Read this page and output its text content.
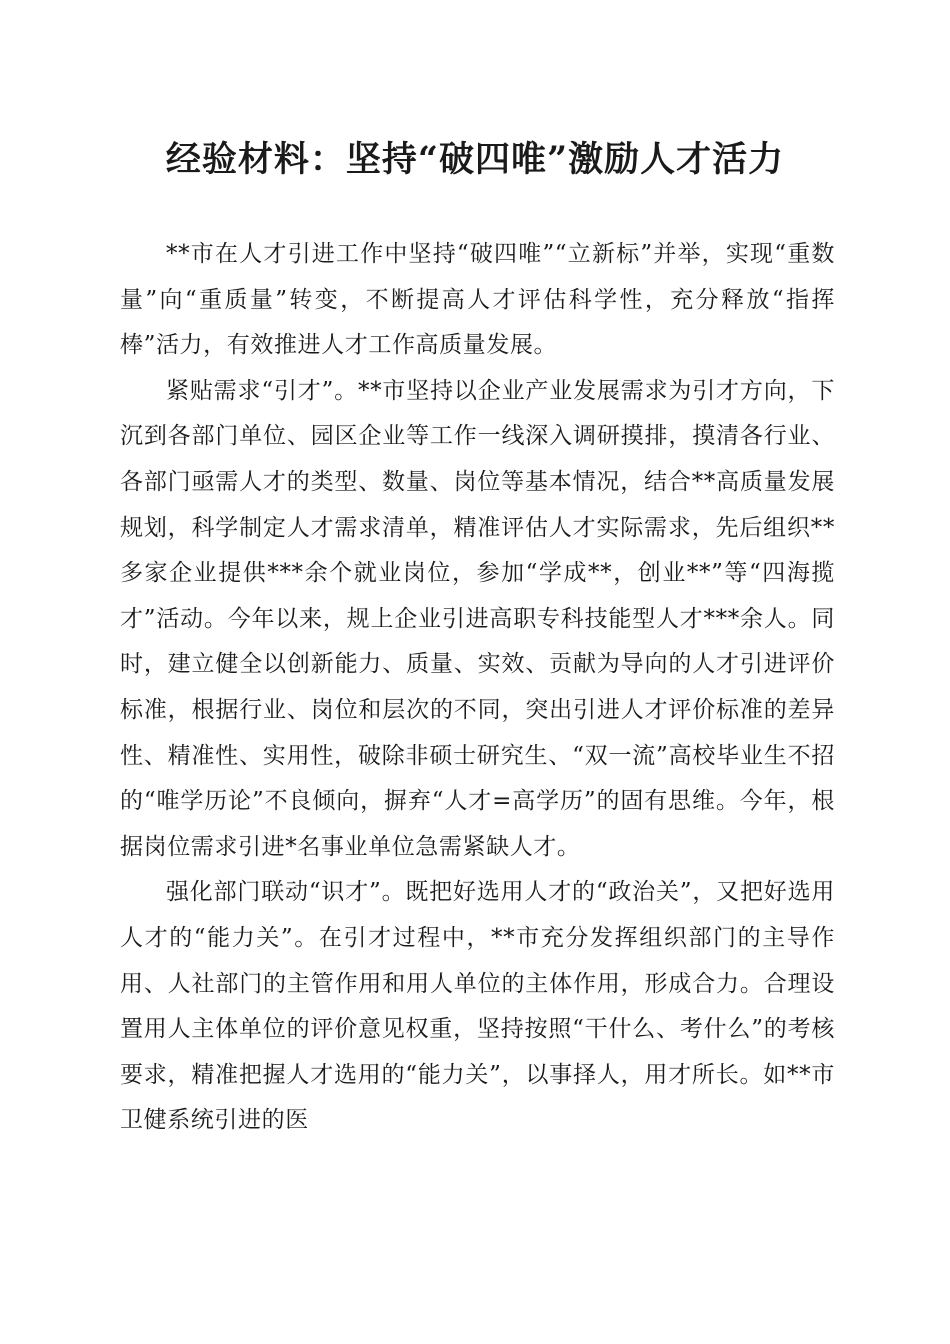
经验材料：坚持“破四唯”激励人才活力

**市在人才引进工作中坚持“破四唯”“立新标”并举，实现“重数量”向“重质量”转变，不断提高人才评估科学性，充分释放“指挥棒”活力，有效推进人才工作高质量发展。

紧贴需求“引才”。**市坚持以企业产业发展需求为引才方向，下沉到各部门单位、园区企业等工作一线深入调研摸排，摸清各行业、各部门亟需人才的类型、数量、岗位等基本情况，结合**高质量发展规划，科学制定人才需求清单，精准评估人才实际需求，先后组织**多家企业提供***余个就业岗位，参加“学成**，创业**”等“四海揽才”活动。今年以来，规上企业引进高职专科技能型人才***余人。同时，建立健全以创新能力、质量、实效、贡献为导向的人才引进评价标准，根据行业、岗位和层次的不同，突出引进人才评价标准的差异性、精准性、实用性，破除非硕士研究生、“双一流”高校毕业生不招的“唯学历论”不良倾向，摒弃“人才=高学历”的固有思维。今年，根据岗位需求引进*名事业单位急需紧缺人才。

强化部门联动“识才”。既把好选用人才的“政治关”，又把好选用人才的“能力关”。在引才过程中，**市充分发挥组织部门的主导作用、人社部门的主管作用和用人单位的主体作用，形成合力。合理设置用人主体单位的评价意见权重，坚持按照“干什么、考什么”的考核要求，精准把握人才选用的“能力关”，以事择人，用才所长。如**市卫健系统引进的医
